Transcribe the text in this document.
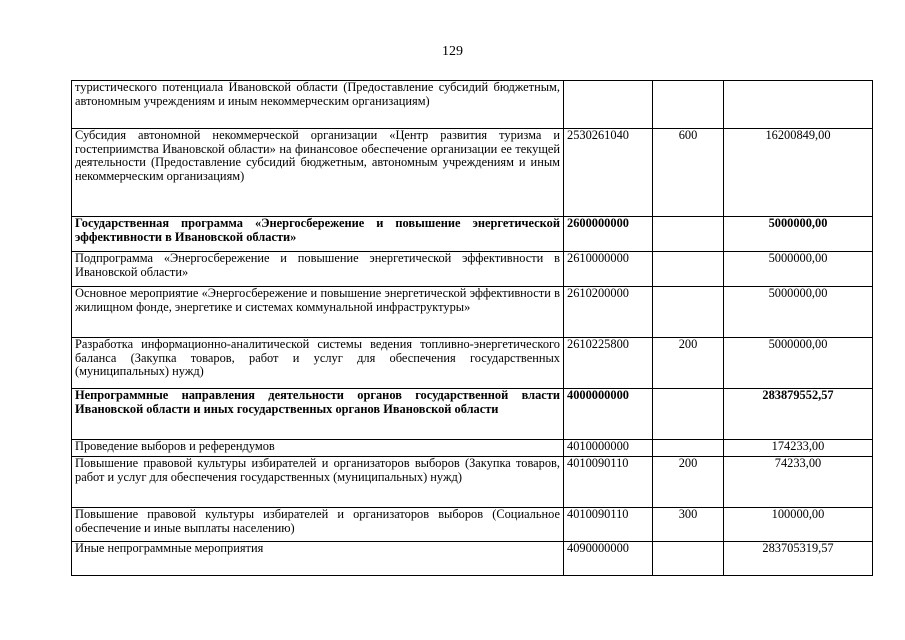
129
туристического потенциала Ивановской области (Предоставление субсидий бюджетным, автономным учреждениям и иным некоммерческим организациям)			
Субсидия автономной некоммерческой организации «Центр развития туризма и гостеприимства Ивановской области» на финансовое обеспечение организации ее текущей деятельности (Предоставление субсидий бюджетным, автономным учреждениям и иным некоммерческим организациям)	2530261040	600	16200849,00
Государственная программа «Энергосбережение и повышение энергетической эффективности в Ивановской области»	2600000000		5000000,00
Подпрограмма «Энергосбережение и повышение энергетической эффективности в Ивановской области»	2610000000		5000000,00
Основное мероприятие «Энергосбережение и повышение энергетической эффективности в жилищном фонде, энергетике и системах коммунальной инфраструктуры»	2610200000		5000000,00
Разработка информационно-аналитической системы ведения топливно-энергетического баланса (Закупка товаров, работ и услуг для обеспечения государственных (муниципальных) нужд)	2610225800	200	5000000,00
Непрограммные направления деятельности органов государственной власти Ивановской области и иных государственных органов Ивановской области	4000000000		283879552,57
Проведение выборов и референдумов	4010000000		174233,00
Повышение правовой культуры избирателей и организаторов выборов (Закупка товаров, работ и услуг для обеспечения государственных (муниципальных) нужд)	4010090110	200	74233,00
Повышение правовой культуры избирателей и организаторов выборов (Социальное обеспечение и иные выплаты населению)	4010090110	300	100000,00
Иные непрограммные мероприятия	4090000000		283705319,57
